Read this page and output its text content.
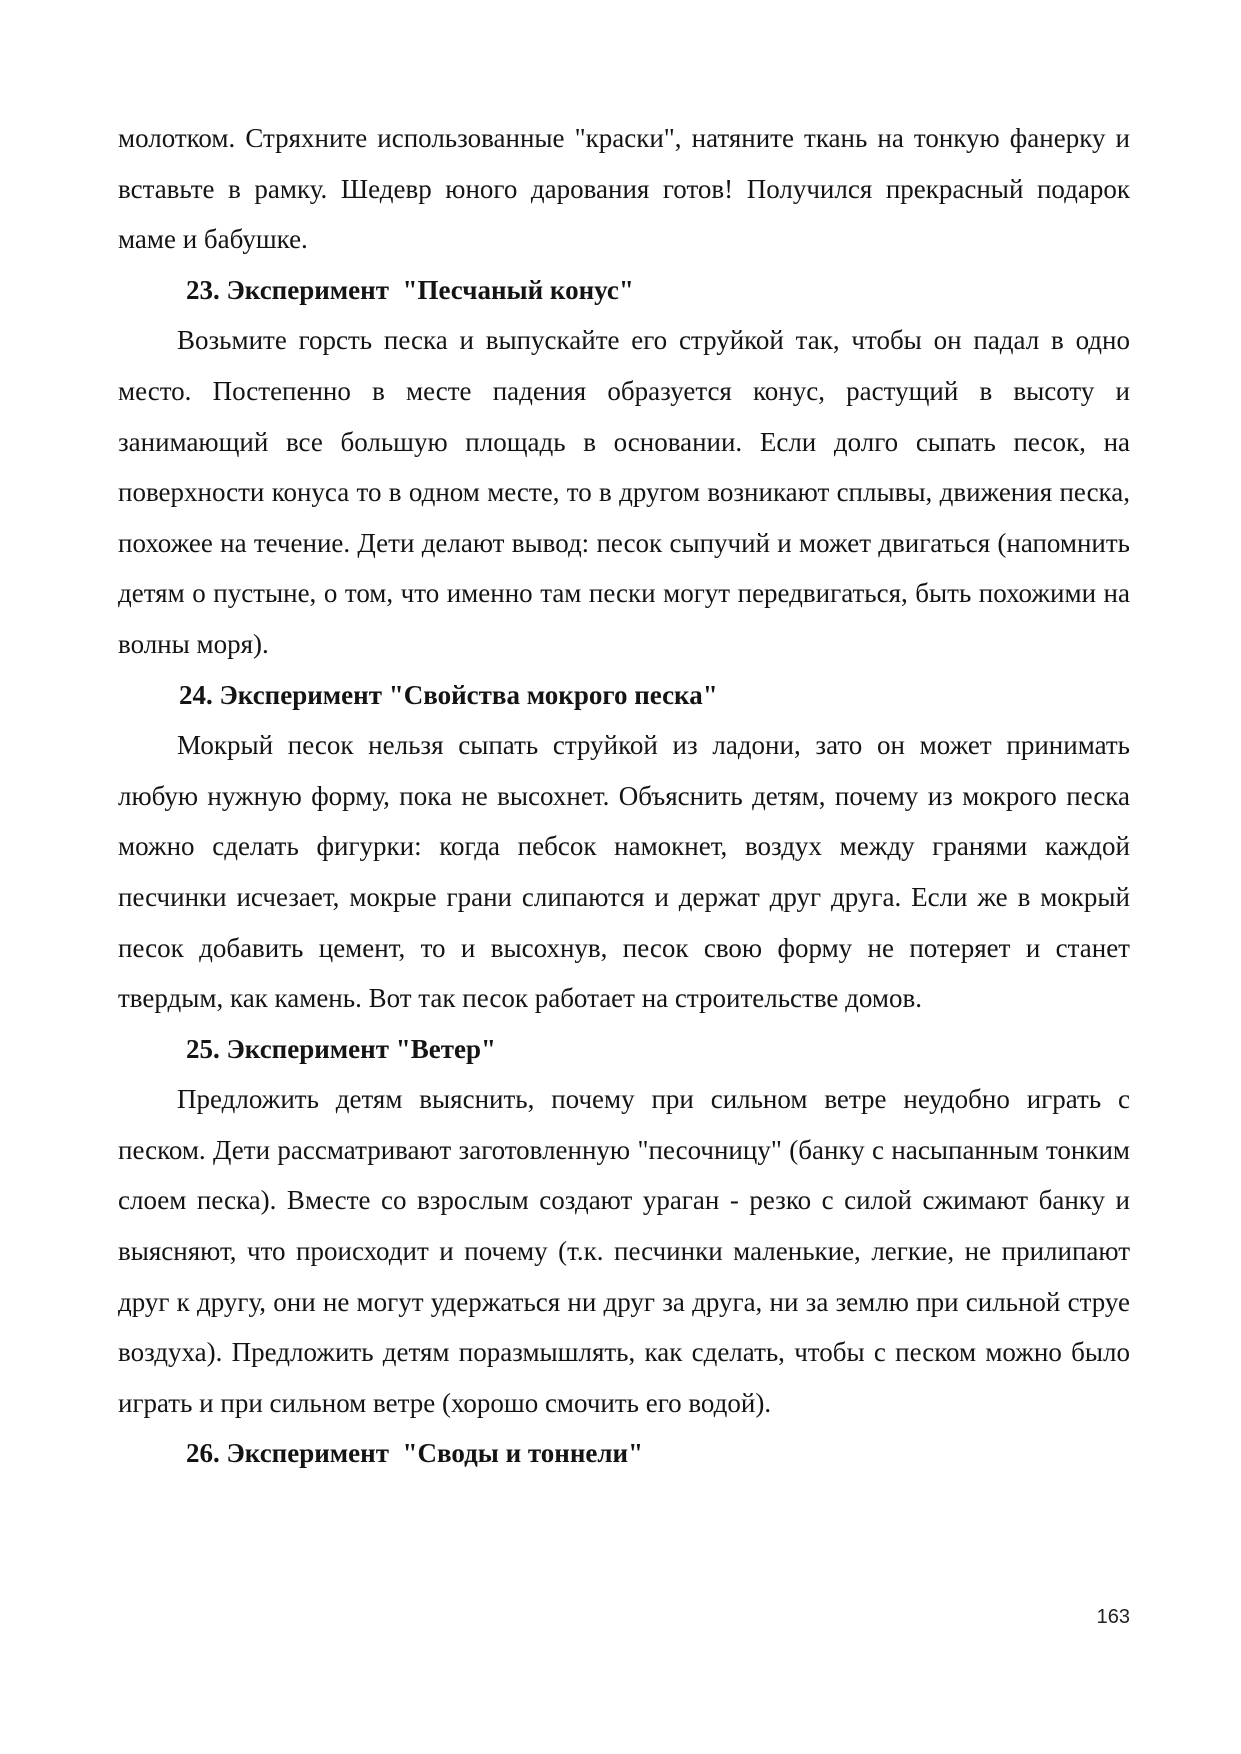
молотком. Стряхните использованные "краски", натяните ткань на тонкую фанерку и вставьте в рамку. Шедевр юного дарования готов! Получился прекрасный подарок маме и бабушке.

23. Эксперимент  "Песчаный конус"

Возьмите горсть песка и выпускайте его струйкой так, чтобы он падал в одно место. Постепенно в месте падения образуется конус, растущий в высоту и занимающий все большую площадь в основании. Если долго сыпать песок, на поверхности конуса то в одном месте, то в другом возникают сплывы, движения песка, похожее на течение. Дети делают вывод: песок сыпучий и может двигаться (напомнить детям о пустыне, о том, что именно там пески могут передвигаться, быть похожими на волны моря).

24. Эксперимент "Свойства мокрого песка"

Мокрый песок нельзя сыпать струйкой из ладони, зато он может принимать любую нужную форму, пока не высохнет. Объяснить детям, почему из мокрого песка можно сделать фигурки: когда пебсок намокнет, воздух между гранями каждой песчинки исчезает, мокрые грани слипаются и держат друг друга. Если же в мокрый песок добавить цемент, то и высохнув, песок свою форму не потеряет и станет твердым, как камень. Вот так песок работает на строительстве домов.

25. Эксперимент "Ветер"

Предложить детям выяснить, почему при сильном ветре неудобно играть с песком. Дети рассматривают заготовленную "песочницу" (банку с насыпанным тонким слоем песка). Вместе со взрослым создают ураган - резко с силой сжимают банку и выясняют, что происходит и почему (т.к. песчинки маленькие, легкие, не прилипают друг к другу, они не могут удержаться ни друг за друга, ни за землю при сильной струе воздуха). Предложить детям поразмышлять, как сделать, чтобы с песком можно было играть и при сильном ветре (хорошо смочить его водой).

26. Эксперимент  "Своды и тоннели"

163
